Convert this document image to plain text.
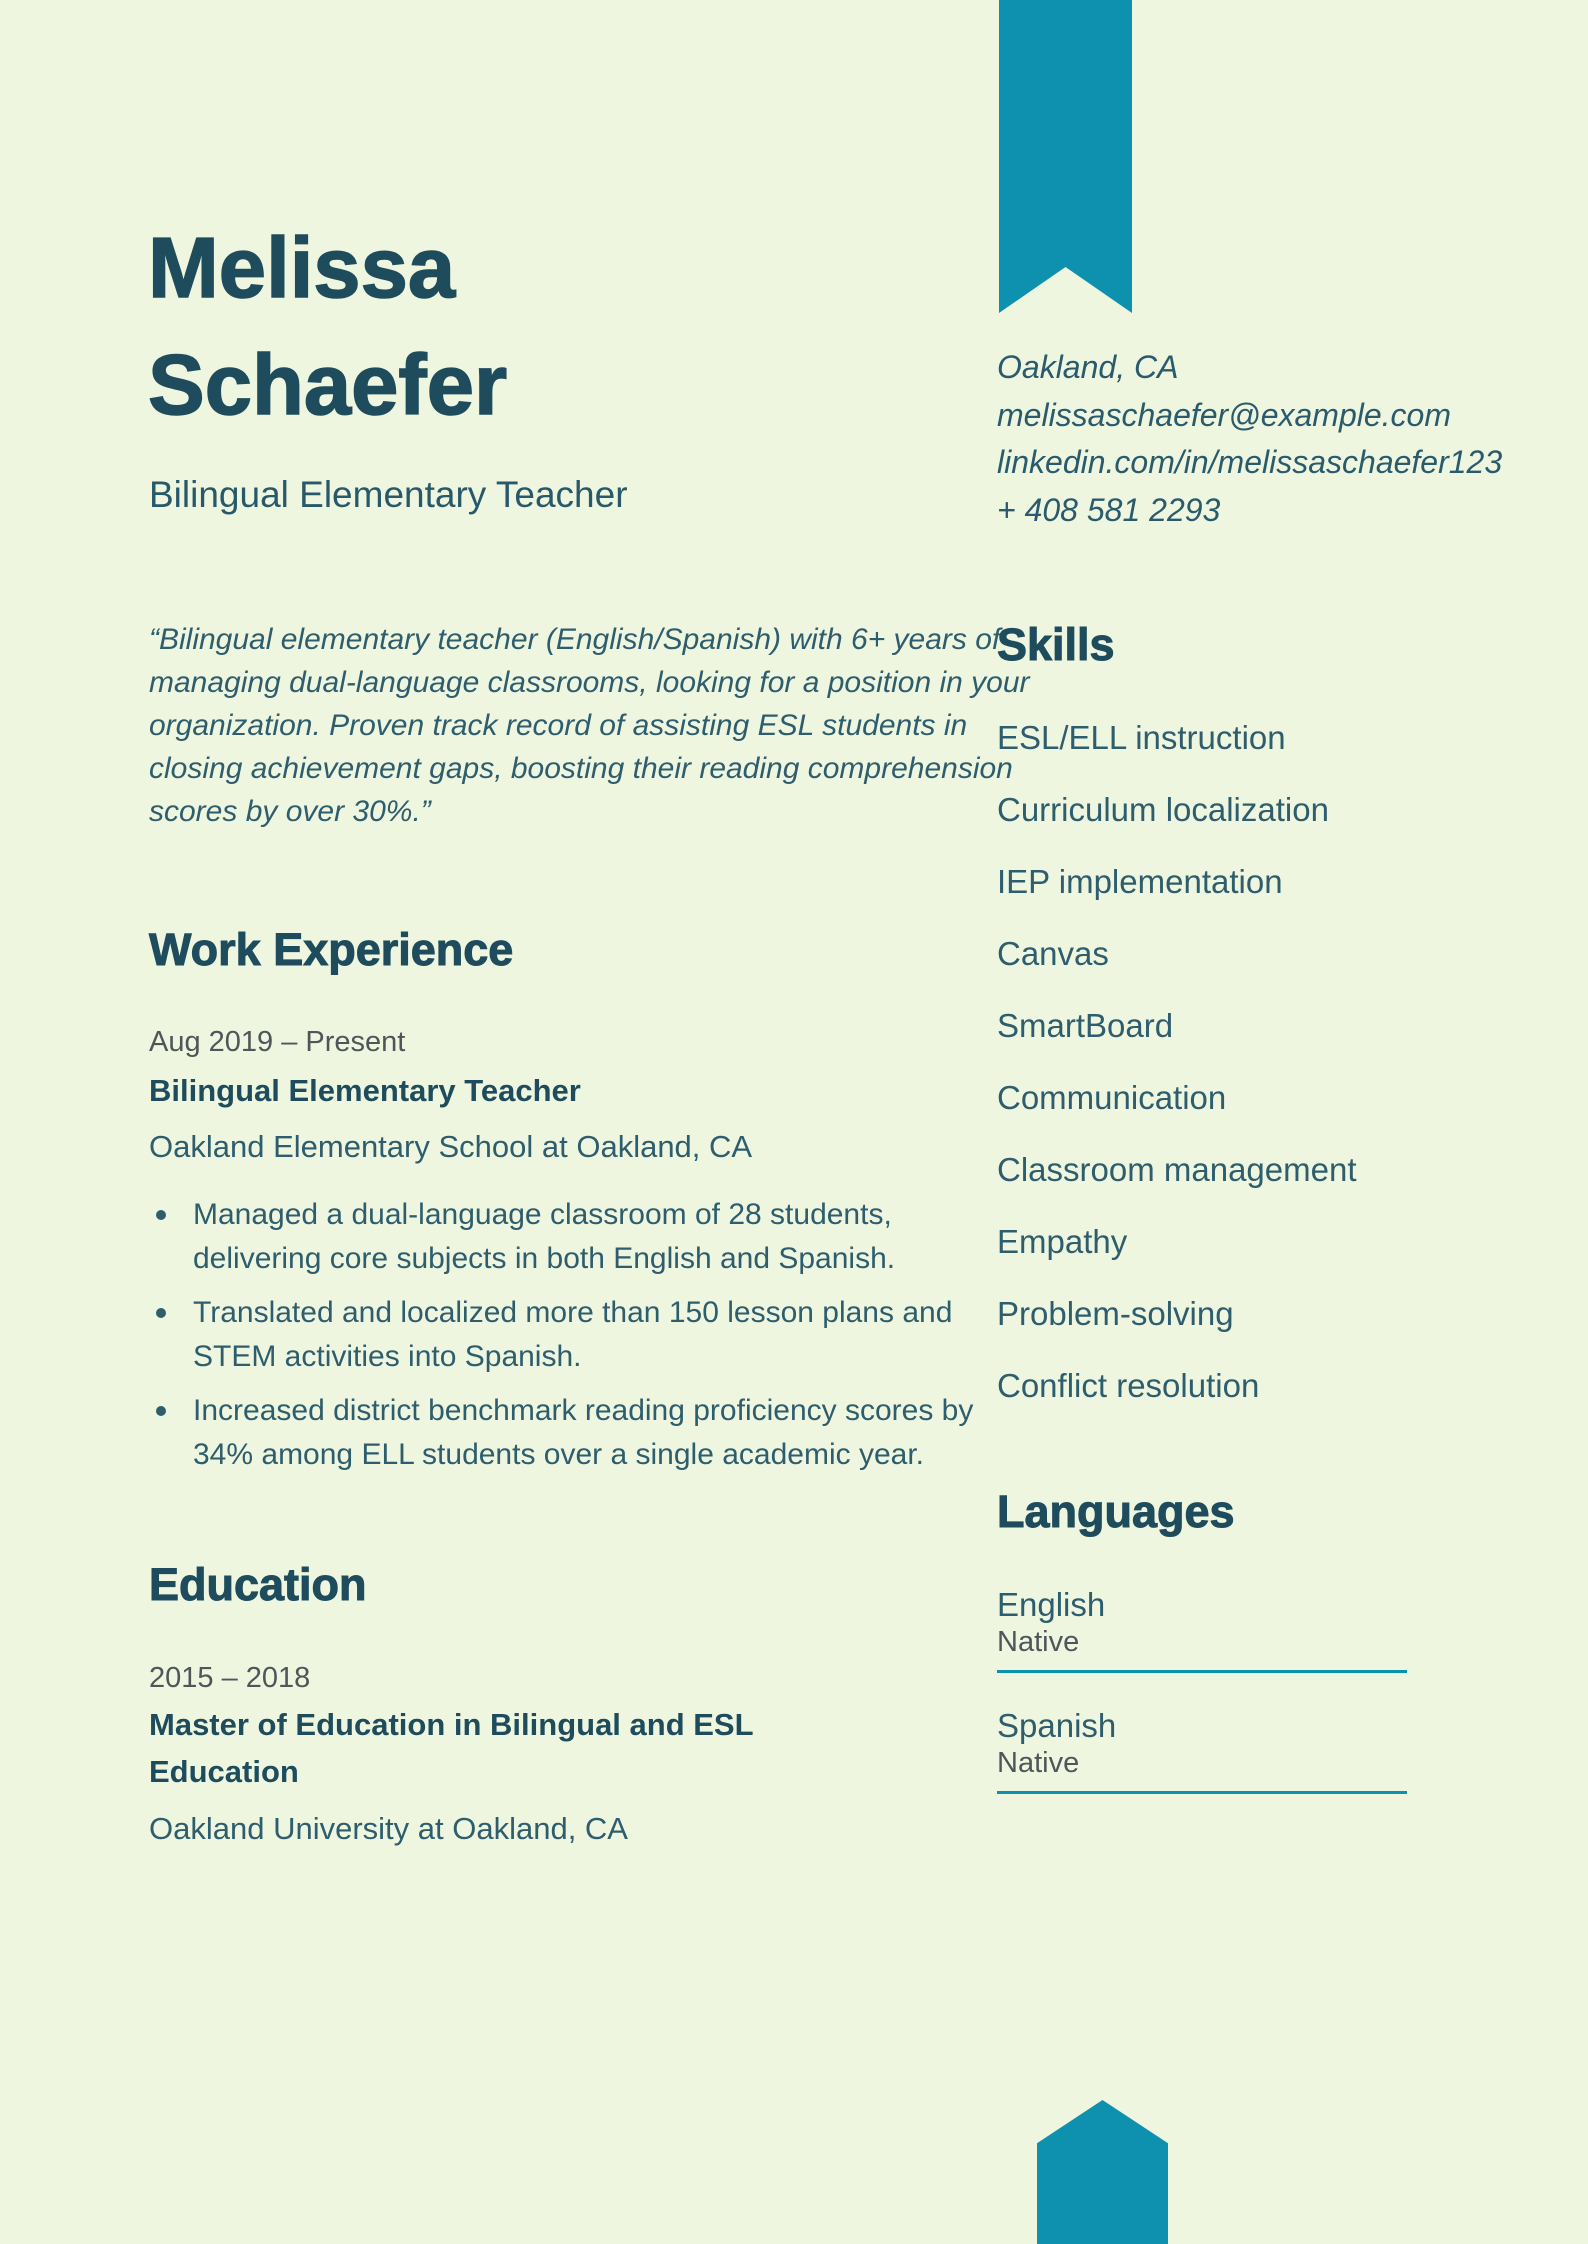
Melissa
Schaefer
Bilingual Elementary Teacher
“Bilingual elementary teacher (English/Spanish) with 6+ years of managing dual-language classrooms, looking for a position in your organization. Proven track record of assisting ESL students in closing achievement gaps, boosting their reading comprehension scores by over 30%.”
Oakland, CA
melissaschaefer@example.com
linkedin.com/in/melissaschaefer123
+ 408 581 2293
Work Experience
Aug 2019 – Present
Bilingual Elementary Teacher
Oakland Elementary School at Oakland, CA
Managed a dual-language classroom of 28 students, delivering core subjects in both English and Spanish.
Translated and localized more than 150 lesson plans and STEM activities into Spanish.
Increased district benchmark reading proficiency scores by 34% among ELL students over a single academic year.
Education
2015 – 2018
Master of Education in Bilingual and ESL Education
Oakland University at Oakland, CA
Skills
ESL/ELL instruction
Curriculum localization
IEP implementation
Canvas
SmartBoard
Communication
Classroom management
Empathy
Problem-solving
Conflict resolution
Languages
English
Native
Spanish
Native
